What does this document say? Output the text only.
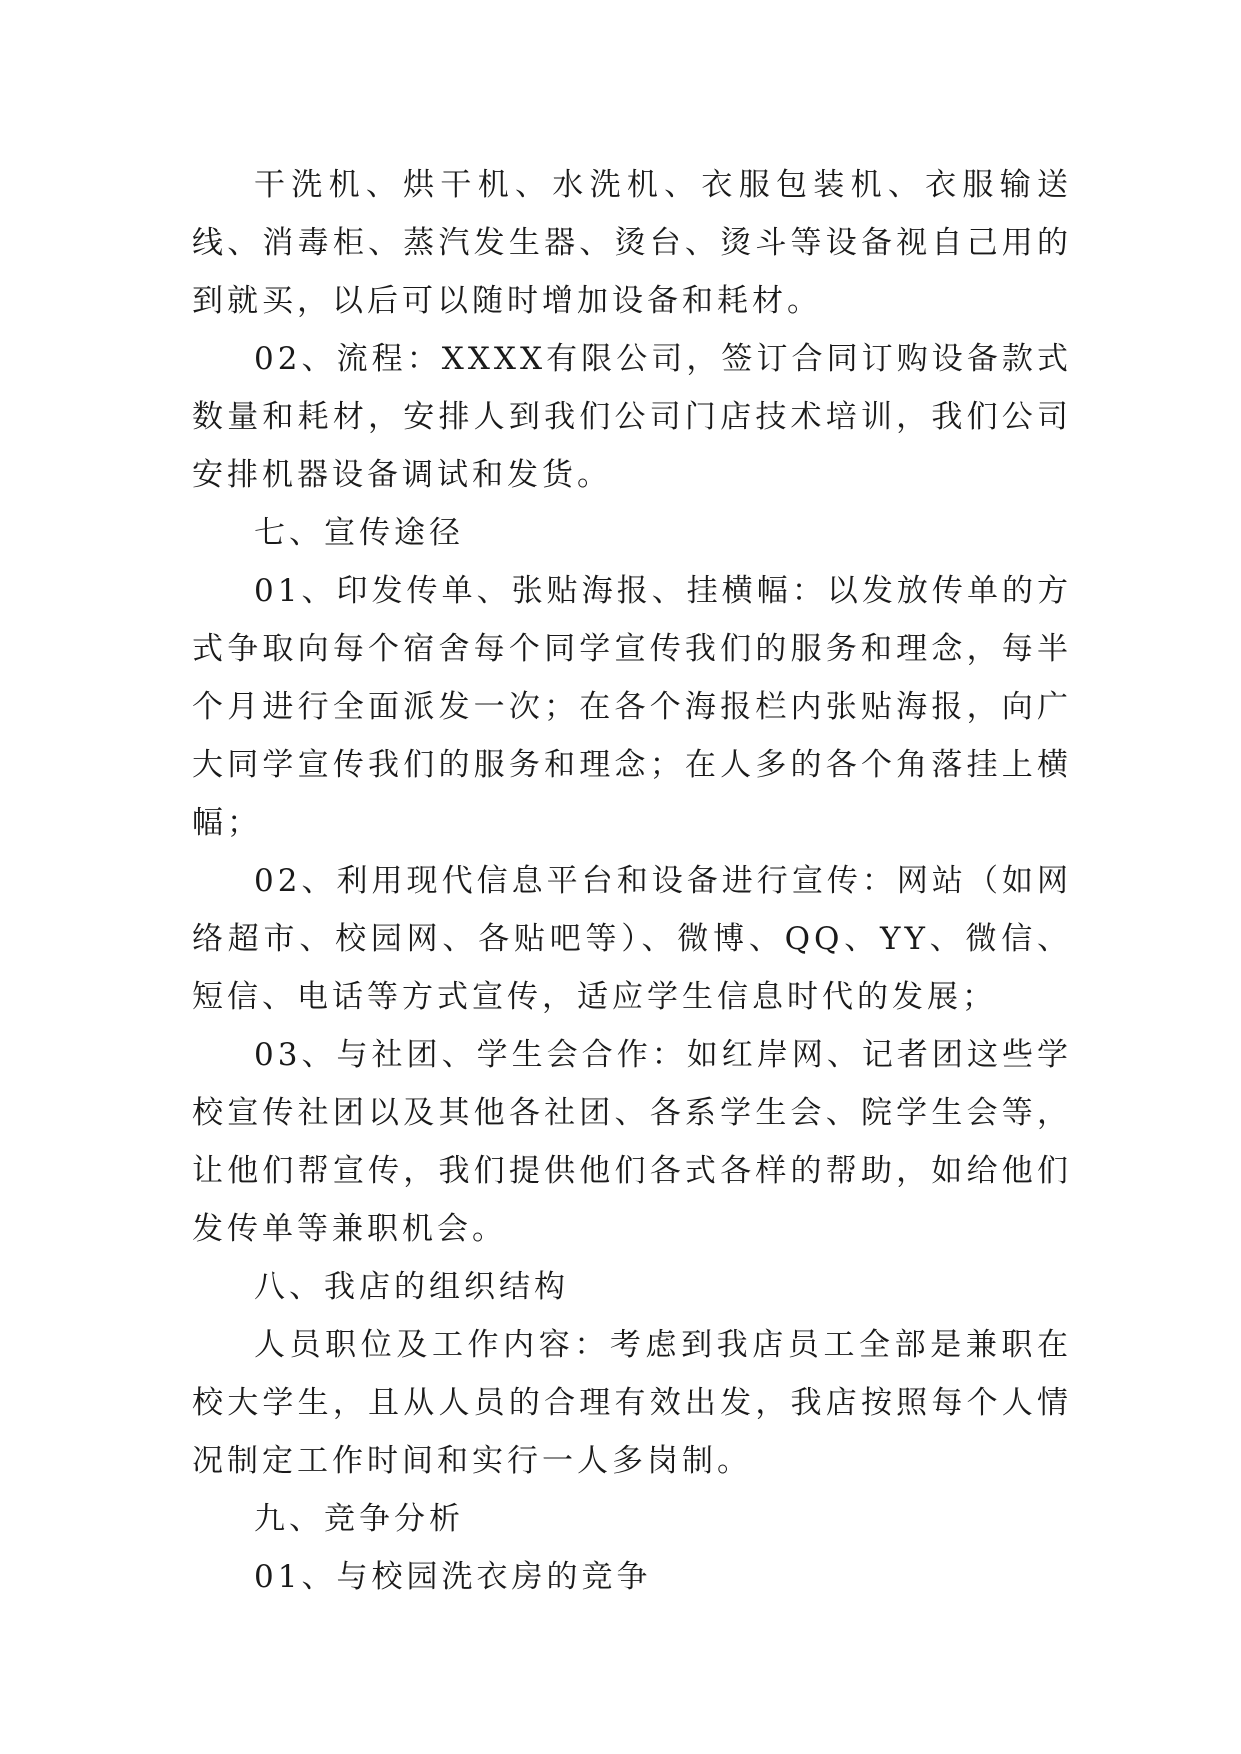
干洗机、烘干机、水洗机、衣服包装机、衣服输送线、消毒柜、蒸汽发生器、烫台、烫斗等设备视自己用的到就买，以后可以随时增加设备和耗材。

02、流程：XXXX有限公司，签订合同订购设备款式数量和耗材，安排人到我们公司门店技术培训，我们公司安排机器设备调试和发货。

七、宣传途径

01、印发传单、张贴海报、挂横幅：以发放传单的方式争取向每个宿舍每个同学宣传我们的服务和理念，每半个月进行全面派发一次；在各个海报栏内张贴海报，向广大同学宣传我们的服务和理念；在人多的各个角落挂上横幅；

02、利用现代信息平台和设备进行宣传：网站（如网络超市、校园网、各贴吧等）、微博、QQ、YY、微信、短信、电话等方式宣传，适应学生信息时代的发展；

03、与社团、学生会合作：如红岸网、记者团这些学校宣传社团以及其他各社团、各系学生会、院学生会等，让他们帮宣传，我们提供他们各式各样的帮助，如给他们发传单等兼职机会。

八、我店的组织结构

人员职位及工作内容：考虑到我店员工全部是兼职在校大学生，且从人员的合理有效出发，我店按照每个人情况制定工作时间和实行一人多岗制。

九、竞争分析

01、与校园洗衣房的竞争
